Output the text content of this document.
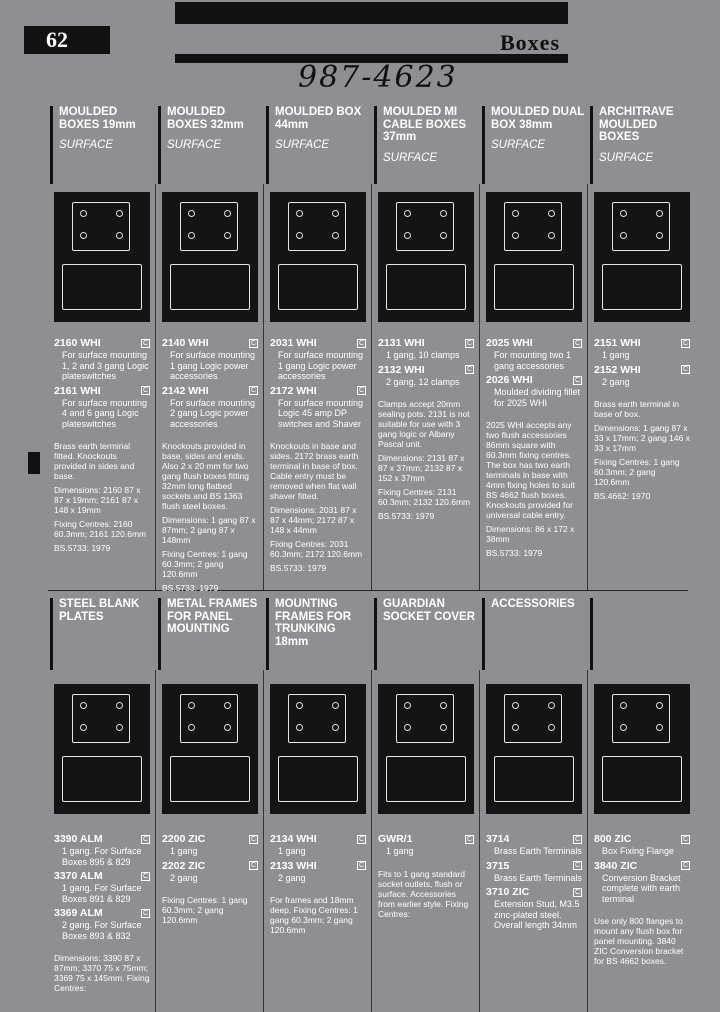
62	Boxes
987-4623
MOULDED BOXES 19mm
SURFACE
2160 WHI	C
For surface mounting 1, 2 and 3 gang Logic plateswitches
2161 WHI	C
For surface mounting 4 and 6 gang Logic plateswitches
Brass earth terminal fitted. Knockouts provided in sides and base.
Dimensions: 2160 87 x 87 x 19mm; 2161 87 x 148 x 19mm
Fixing Centres: 2160 60.3mm; 2161 120.6mm
BS.5733: 1979
MOULDED BOXES 32mm
SURFACE
2140 WHI	C
For surface mounting 1 gang Logic power accessories
2142 WHI	C
For surface mounting 2 gang Logic power accessories
Knockouts provided in base, sides and ends. Also 2 x 20 mm for two gang flush boxes fitting 32mm long flatbed sockets and BS 1363 flush steel boxes.
Dimensions: 1 gang 87 x 87mm; 2 gang 87 x 148mm
Fixing Centres: 1 gang 60.3mm; 2 gang 120.6mm
BS.5733: 1979
MOULDED BOX 44mm
SURFACE
2031 WHI	C
For surface mounting 1 gang Logic power accessories
2172 WHI	C
For surface mounting Logic 45 amp DP switches and Shaver
Knockouts in base and sides. 2172 brass earth terminal in base of box. Cable entry must be removed when flat wall shaver fitted.
Dimensions: 2031 87 x 87 x 44mm; 2172 87 x 148 x 44mm
Fixing Centres: 2031 60.3mm; 2172 120.6mm
BS.5733: 1979
MOULDED MI CABLE BOXES 37mm
SURFACE
2131 WHI	C
1 gang, 10 clamps
2132 WHI	C
2 gang, 12 clamps
Clamps accept 20mm sealing pots. 2131 is not suitable for use with 3 gang logic or Albany Pascal unit.
Dimensions: 2131 87 x 87 x 37mm; 2132 87 x 152 x 37mm
Fixing Centres: 2131 60.3mm; 2132 120.6mm
BS.5733: 1979
MOULDED DUAL BOX 38mm
SURFACE
2025 WHI	C
For mounting two 1 gang accessories
2026 WHI	C
Moulded dividing fillet for 2025 WHI
2025 WHI accepts any two flush accessories 86mm square with 60.3mm fixing centres. The box has two earth terminals in base with 4mm fixing holes to suit BS 4662 flush boxes. Knockouts provided for universal cable entry.
Dimensions: 86 x 172 x 38mm
BS.5733: 1979
ARCHITRAVE MOULDED BOXES
SURFACE
2151 WHI	C
1 gang
2152 WHI	C
2 gang
Brass earth terminal in base of box.
Dimensions: 1 gang 87 x 33 x 17mm; 2 gang 146 x 33 x 17mm
Fixing Centres: 1 gang 60.3mm; 2 gang 120.6mm
BS.4662: 1970
STEEL BLANK PLATES
3390 ALM	C
1 gang. For Surface Boxes 895 & 829
3370 ALM	C
1 gang. For Surface Boxes 891 & 829
3369 ALM	C
2 gang. For Surface Boxes 893 & 832
Dimensions: 3390 87 x 87mm; 3370 75 x 75mm; 3369 75 x 145mm. Fixing Centres:
METAL FRAMES FOR PANEL MOUNTING
2200 ZIC	C
1 gang
2202 ZIC	C
2 gang
Fixing Centres: 1 gang 60.3mm; 2 gang 120.6mm
MOUNTING FRAMES FOR TRUNKING 18mm
2134 WHI	C
1 gang
2133 WHI	C
2 gang
For frames and 18mm deep. Fixing Centres: 1 gang 60.3mm; 2 gang 120.6mm
GUARDIAN SOCKET COVER
GWR/1	C
1 gang
Fits to 1 gang standard socket outlets, flush or surface. Accessories from earlier style. Fixing Centres:
ACCESSORIES
3714	C
Brass Earth Terminals
3715	C
Brass Earth Terminals
3710 ZIC	C
Extension Stud, M3.5 zinc-plated steel. Overall length 34mm
800 ZIC	C
Box Fixing Flange
3840 ZIC	C
Conversion Bracket complete with earth terminal
Use only 800 flanges to mount any flush box for panel mounting. 3840 ZIC Conversion bracket for BS 4662 boxes.
